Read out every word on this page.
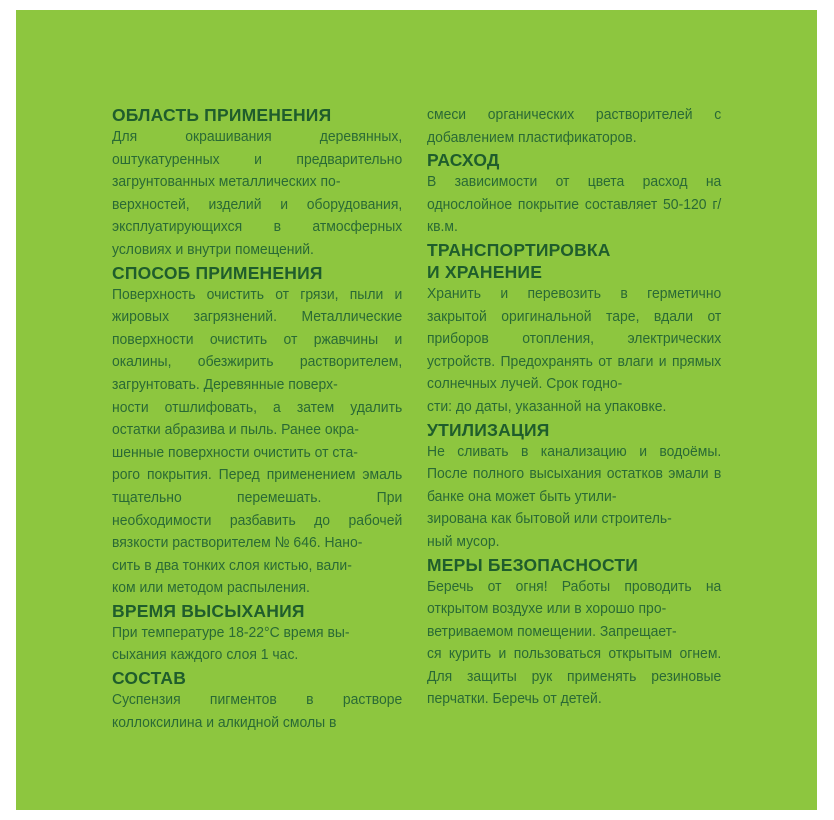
ОБЛАСТЬ ПРИМЕНЕНИЯ

Для окрашивания деревянных, оштукатуренных и предварительно загрунтованных металлических по-
верхностей, изделий и оборудования, эксплуатирующихся в атмосферных условиях и внутри помещений.

СПОСОБ ПРИМЕНЕНИЯ

Поверхность очистить от грязи, пыли и жировых загрязнений. Металлические поверхности очистить от ржавчины и окалины, обезжирить растворителем, загрунтовать. Деревянные поверх-
ности отшлифовать, а затем удалить остатки абразива и пыль. Ранее окра-
шенные поверхности очистить от ста-
рого покрытия. Перед применением эмаль тщательно перемешать. При необходимости разбавить до рабочей вязкости растворителем № 646. Нано-
сить в два тонких слоя кистью, вали-
ком или методом распыления.

ВРЕМЯ ВЫСЫХАНИЯ

При температуре 18-22°С время вы-
сыхания каждого слоя 1 час.

СОСТАВ

Суспензия пигментов в растворе коллоксилина и алкидной смолы в

смеси органических растворителей с добавлением пластификаторов.

РАСХОД

В зависимости от цвета расход на однослойное покрытие составляет 50-120 г/кв.м.

ТРАНСПОРТИРОВКА
И ХРАНЕНИЕ

Хранить и перевозить в герметично закрытой оригинальной таре, вдали от приборов отопления, электрических устройств. Предохранять от влаги и прямых солнечных лучей. Срок годно-
сти: до даты, указанной на упаковке.

УТИЛИЗАЦИЯ

Не сливать в канализацию и водоёмы. После полного высыхания остатков эмали в банке она может быть утили-
зирована как бытовой или строитель-
ный мусор.

МЕРЫ БЕЗОПАСНОСТИ

Беречь от огня! Работы проводить на открытом воздухе или в хорошо про-
ветриваемом помещении. Запрещает-
ся курить и пользоваться открытым огнем. Для защиты рук применять резиновые перчатки. Беречь от детей.
